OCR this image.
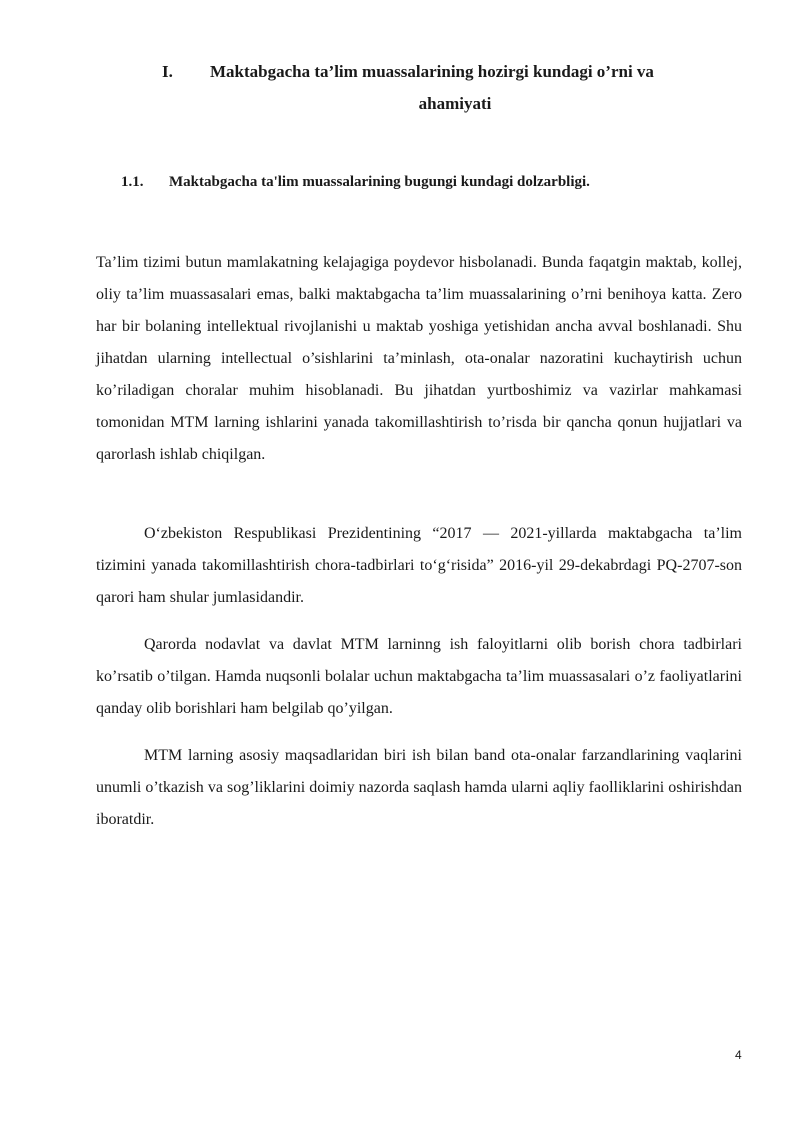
I. Maktabgacha ta’lim muassalarining hozirgi kundagi o’rni va
ahamiyati
1.1. Maktabgacha ta'lim muassalarining bugungi kundagi dolzarbligi.

Ta’lim tizimi butun mamlakatning kelajagiga poydevor hisbolanadi. Bunda faqatgin maktab, kollej, oliy ta’lim muassasalari emas, balki maktabgacha ta’lim muassalarining o’rni benihoya katta. Zero har bir bolaning intellektual rivojlanishi u maktab yoshiga yetishidan ancha avval boshlanadi. Shu jihatdan ularning intellectual o’sishlarini ta’minlash, ota-onalar nazoratini kuchaytirish uchun ko’riladigan choralar muhim hisoblanadi. Bu jihatdan yurtboshimiz va vazirlar mahkamasi tomonidan MTM larning ishlarini yanada takomillashtirish to’risda bir qancha qonun hujjatlari va qarorlash ishlab chiqilgan.

O‘zbekiston Respublikasi Prezidentining “2017 — 2021-yillarda maktabgacha ta’lim tizimini yanada takomillashtirish chora-tadbirlari to‘g‘risida” 2016-yil 29-dekabrdagi PQ-2707-son qarori ham shular jumlasidandir.

Qarorda nodavlat va davlat MTM larninng ish faloyitlarni olib borish chora tadbirlari ko’rsatib o’tilgan. Hamda nuqsonli bolalar uchun maktabgacha ta’lim muassasalari o’z faoliyatlarini qanday olib borishlari ham belgilab qo’yilgan.

MTM larning asosiy maqsadlaridan biri ish bilan band ota-onalar farzandlarining vaqlarini unumli o’tkazish va sog’liklarini doimiy nazorda saqlash hamda ularni aqliy faolliklarini oshirishdan iboratdir.

4
